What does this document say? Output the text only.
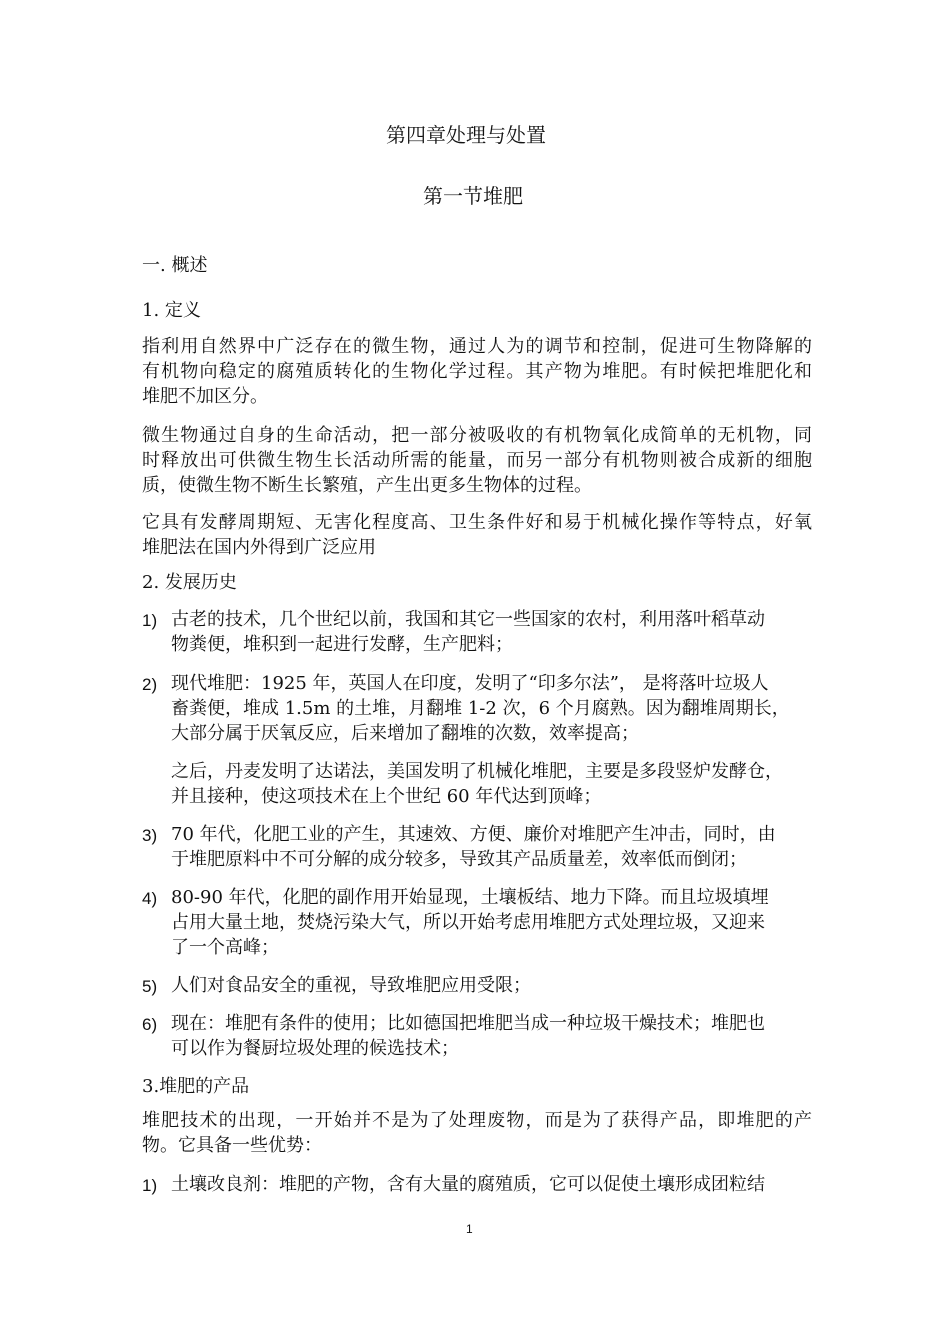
第四章处理与处置
第一节堆肥
一. 概述
1. 定义
指利用自然界中广泛存在的微生物，通过人为的调节和控制，促进可生物降解的
有机物向稳定的腐殖质转化的生物化学过程。其产物为堆肥。有时候把堆肥化和
堆肥不加区分。
微生物通过自身的生命活动，把一部分被吸收的有机物氧化成简单的无机物，同
时释放出可供微生物生长活动所需的能量，而另一部分有机物则被合成新的细胞
质，使微生物不断生长繁殖，产生出更多生物体的过程。
它具有发酵周期短、无害化程度高、卫生条件好和易于机械化操作等特点，好氧
堆肥法在国内外得到广泛应用
2. 发展历史
1) 古老的技术，几个世纪以前，我国和其它一些国家的农村，利用落叶稻草动
物粪便，堆积到一起进行发酵，生产肥料；
2) 现代堆肥：1925 年，英国人在印度，发明了“印多尔法”， 是将落叶垃圾人
畜粪便，堆成 1.5m 的土堆，月翻堆 1-2 次，6 个月腐熟。因为翻堆周期长，
大部分属于厌氧反应，后来增加了翻堆的次数，效率提高；
之后，丹麦发明了达诺法，美国发明了机械化堆肥，主要是多段竖炉发酵仓，
并且接种，使这项技术在上个世纪 60 年代达到顶峰；
3) 70 年代，化肥工业的产生，其速效、方便、廉价对堆肥产生冲击，同时，由
于堆肥原料中不可分解的成分较多，导致其产品质量差，效率低而倒闭；
4) 80-90 年代，化肥的副作用开始显现，土壤板结、地力下降。而且垃圾填埋
占用大量土地，焚烧污染大气，所以开始考虑用堆肥方式处理垃圾，又迎来
了一个高峰；
5) 人们对食品安全的重视，导致堆肥应用受限；
6) 现在：堆肥有条件的使用；比如德国把堆肥当成一种垃圾干燥技术；堆肥也
可以作为餐厨垃圾处理的候选技术；
3.堆肥的产品
堆肥技术的出现，一开始并不是为了处理废物，而是为了获得产品，即堆肥的产
物。它具备一些优势：
1) 土壤改良剂：堆肥的产物，含有大量的腐殖质，它可以促使土壤形成团粒结
1
